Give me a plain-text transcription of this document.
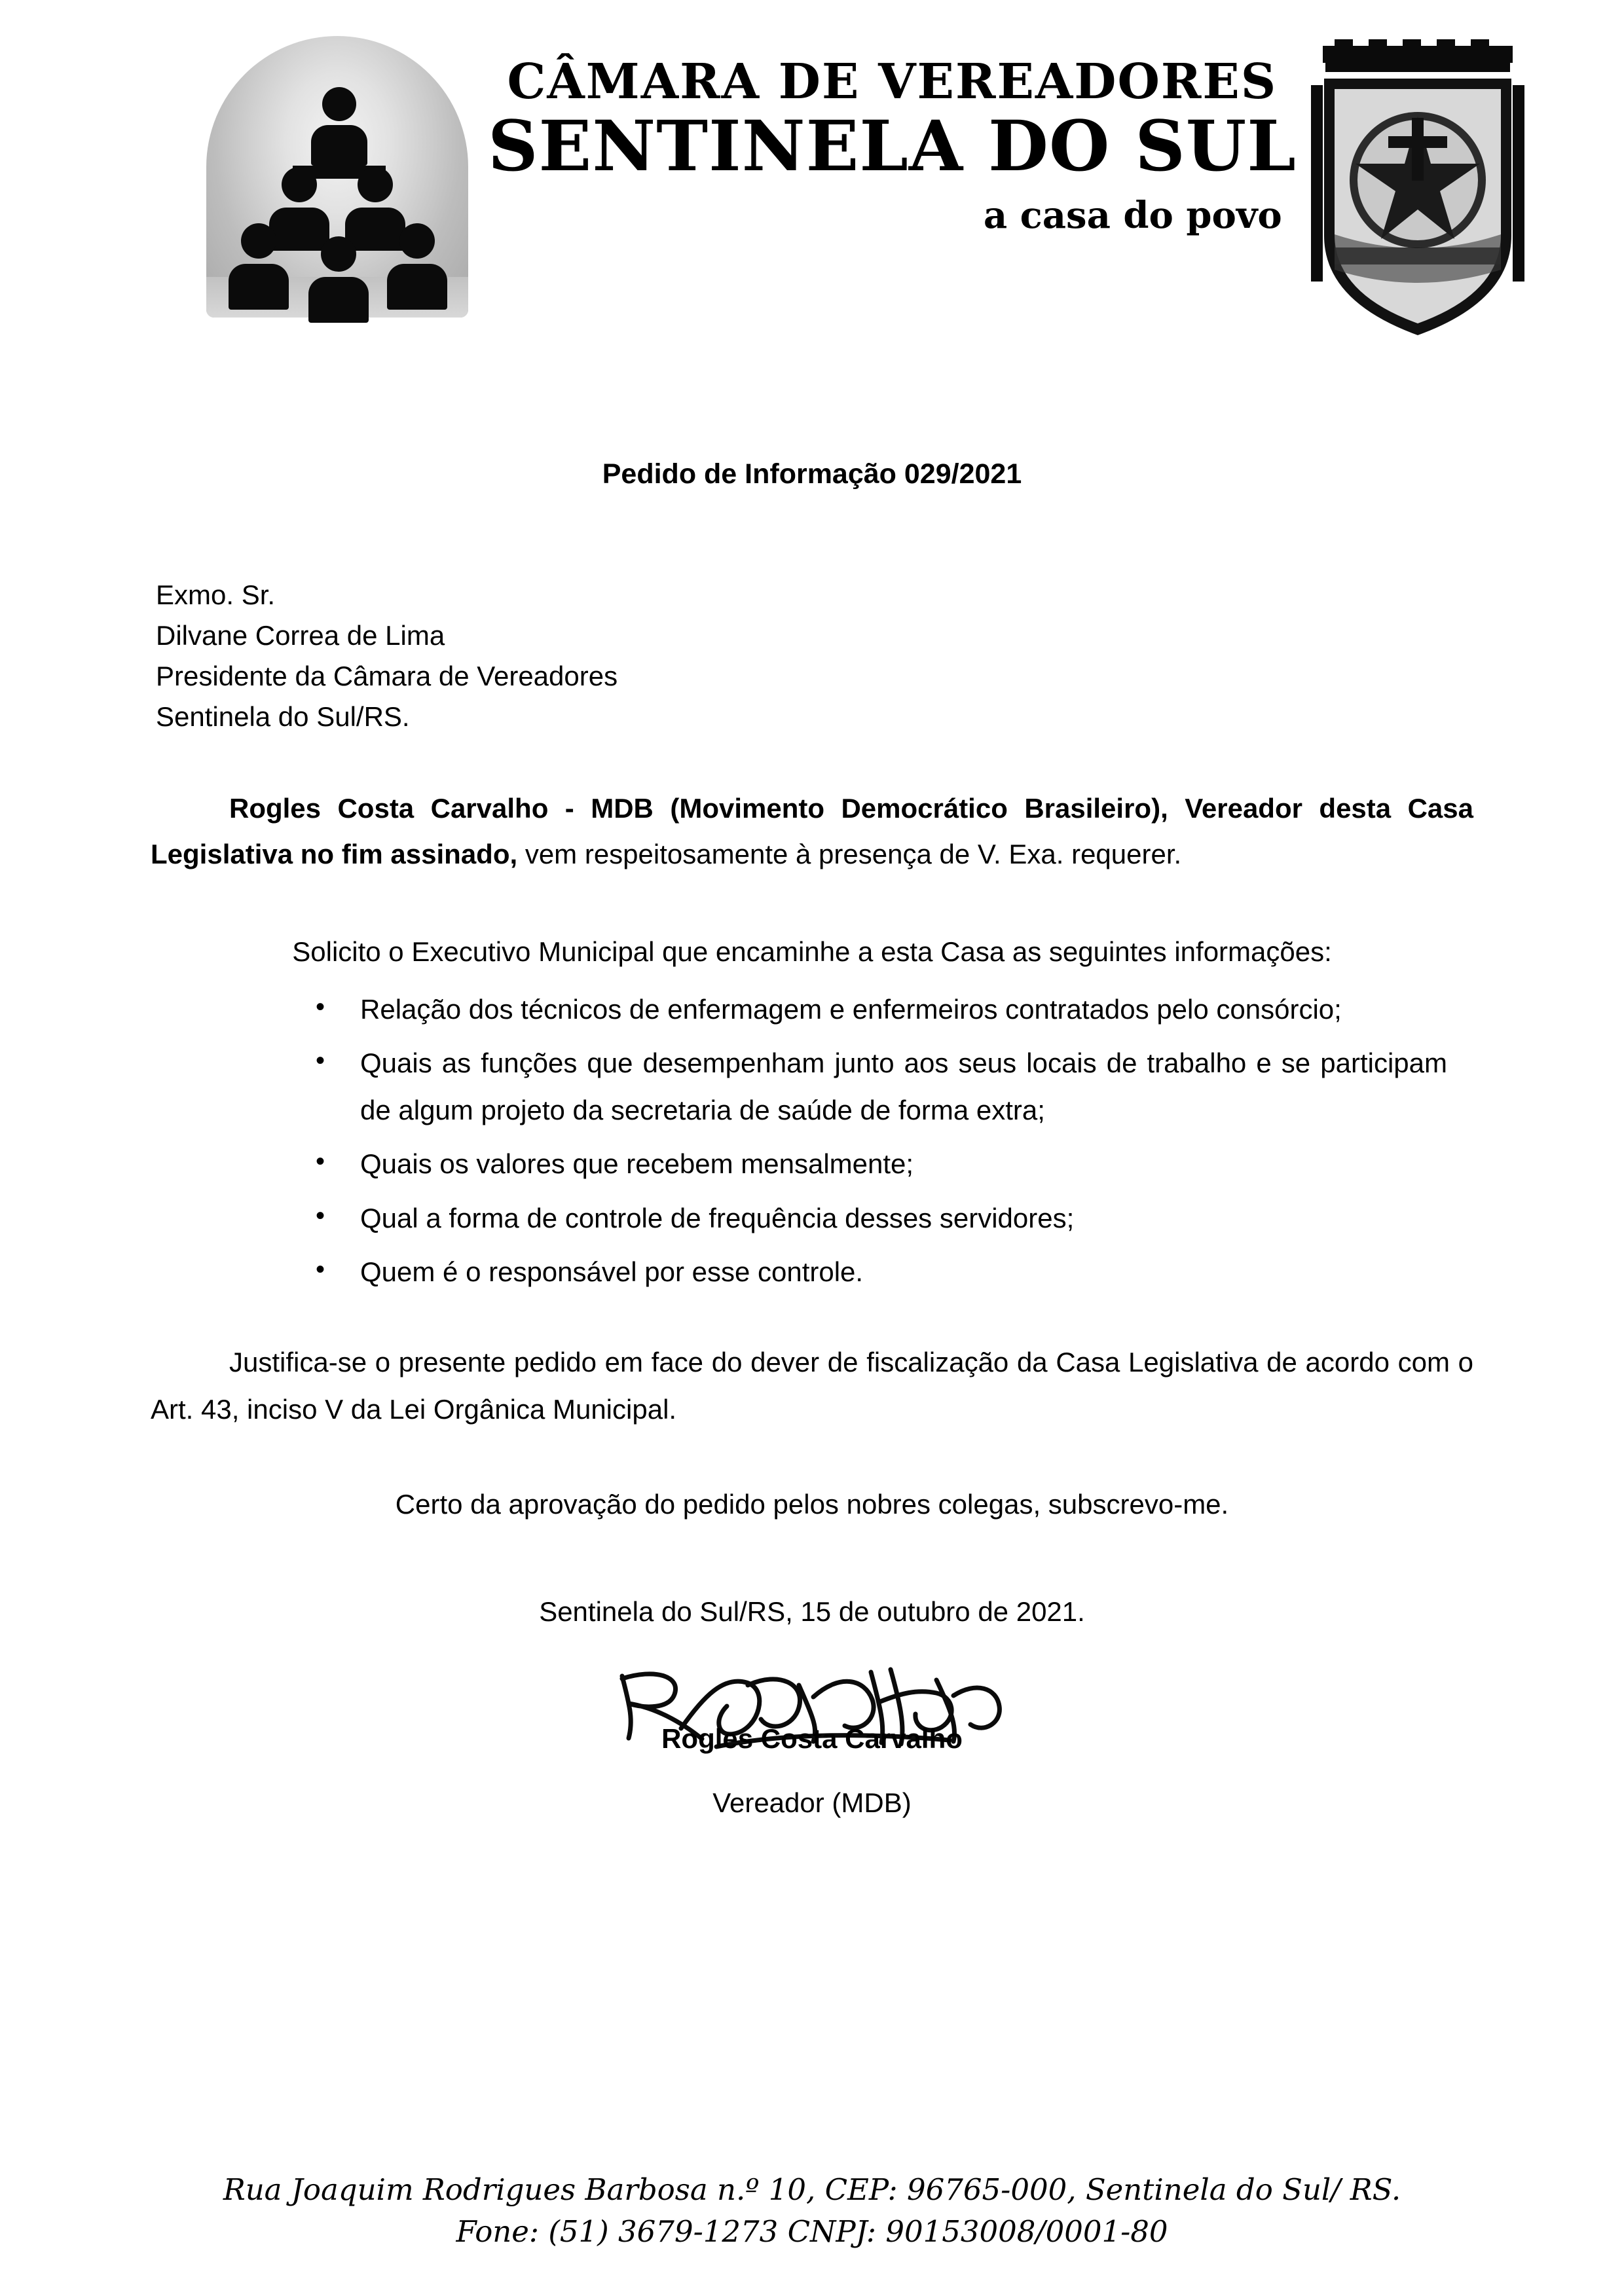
CÂMARA DE VEREADORES
SENTINELA DO SUL
a casa do povo
Pedido de Informação 029/2021
Exmo. Sr.
Dilvane Correa de Lima
Presidente da Câmara de Vereadores
Sentinela do Sul/RS.
Rogles Costa Carvalho - MDB (Movimento Democrático Brasileiro), Vereador desta Casa Legislativa no fim assinado, vem respeitosamente à presença de V. Exa. requerer.
Solicito o Executivo Municipal que encaminhe a esta Casa as seguintes informações:
• Relação dos técnicos de enfermagem e enfermeiros contratados pelo consórcio;
• Quais as funções que desempenham junto aos seus locais de trabalho e se participam de algum projeto da secretaria de saúde de forma extra;
• Quais os valores que recebem mensalmente;
• Qual a forma de controle de frequência desses servidores;
• Quem é o responsável por esse controle.
Justifica-se o presente pedido em face do dever de fiscalização da Casa Legislativa de acordo com o Art. 43, inciso V da Lei Orgânica Municipal.
Certo da aprovação do pedido pelos nobres colegas, subscrevo-me.
Sentinela do Sul/RS, 15 de outubro de 2021.
Rogles Costa Carvalho
Vereador (MDB)
Rua Joaquim Rodrigues Barbosa n.º 10, CEP: 96765-000, Sentinela do Sul/ RS.
Fone: (51) 3679-1273 CNPJ: 90153008/0001-80
